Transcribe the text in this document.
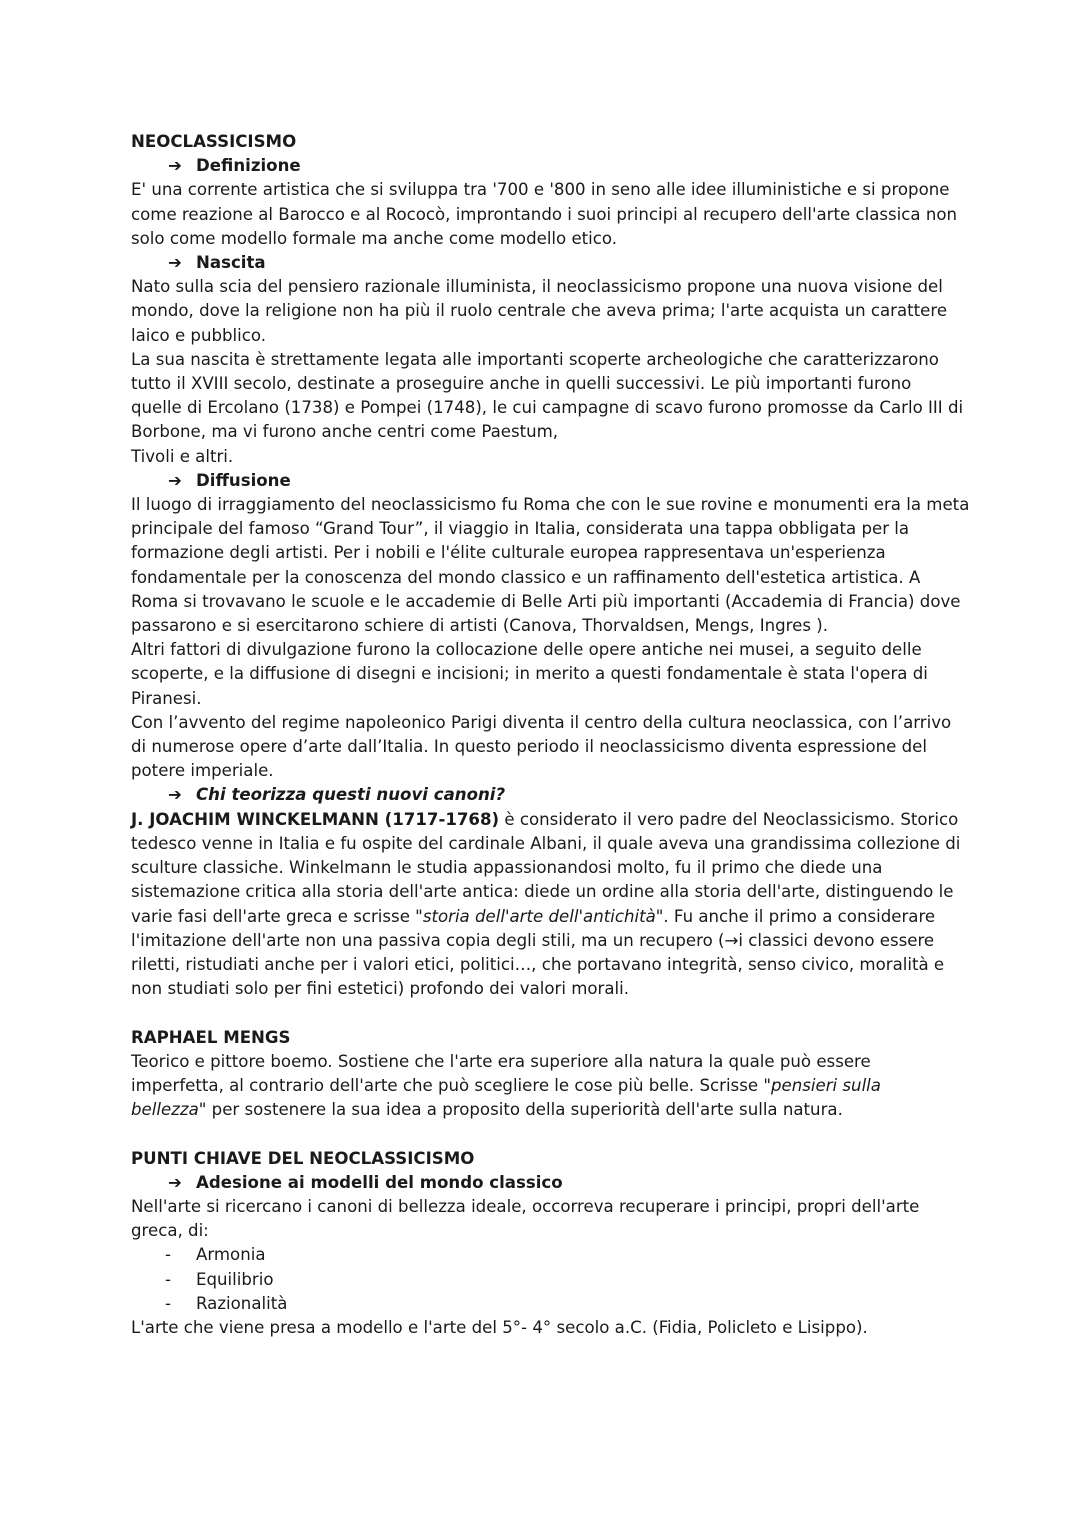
NEOCLASSICISMO

➔ Definizione

E' una corrente artistica che si sviluppa tra '700 e '800 in seno alle idee illuministiche e si propone

come reazione al Barocco e al Rococò, improntando i suoi principi al recupero dell'arte classica non

solo come modello formale ma anche come modello etico.

➔ Nascita

Nato sulla scia del pensiero razionale illuminista, il neoclassicismo propone una nuova visione del

mondo, dove la religione non ha più il ruolo centrale che aveva prima; l'arte acquista un carattere

laico e pubblico.

La sua nascita è strettamente legata alle importanti scoperte archeologiche che caratterizzarono

tutto il XVIII secolo, destinate a proseguire anche in quelli successivi. Le più importanti furono

quelle di Ercolano (1738) e Pompei (1748), le cui campagne di scavo furono promosse da Carlo III di

Borbone, ma vi furono anche centri come Paestum,

Tivoli e altri.

➔ Diffusione

Il luogo di irraggiamento del neoclassicismo fu Roma che con le sue rovine e monumenti era la meta

principale del famoso “Grand Tour”, il viaggio in Italia, considerata una tappa obbligata per la

formazione degli artisti. Per i nobili e l'élite culturale europea rappresentava un'esperienza

fondamentale per la conoscenza del mondo classico e un raffinamento dell'estetica artistica. A

Roma si trovavano le scuole e le accademie di Belle Arti più importanti (Accademia di Francia) dove

passarono e si esercitarono schiere di artisti (Canova, Thorvaldsen, Mengs, Ingres ).

Altri fattori di divulgazione furono la collocazione delle opere antiche nei musei, a seguito delle

scoperte, e la diffusione di disegni e incisioni; in merito a questi fondamentale è stata l'opera di

Piranesi.

Con l’avvento del regime napoleonico Parigi diventa il centro della cultura neoclassica, con l’arrivo

di numerose opere d’arte dall’Italia. In questo periodo il neoclassicismo diventa espressione del

potere imperiale.

➔ Chi teorizza questi nuovi canoni?

J. JOACHIM WINCKELMANN (1717-1768) è considerato il vero padre del Neoclassicismo. Storico

tedesco venne in Italia e fu ospite del cardinale Albani, il quale aveva una grandissima collezione di

sculture classiche. Winkelmann le studia appassionandosi molto, fu il primo che diede una

sistemazione critica alla storia dell'arte antica: diede un ordine alla storia dell'arte, distinguendo le

varie fasi dell'arte greca e scrisse "storia dell'arte dell'antichità". Fu anche il primo a considerare

l'imitazione dell'arte non una passiva copia degli stili, ma un recupero (→i classici devono essere

riletti, ristudiati anche per i valori etici, politici…, che portavano integrità, senso civico, moralità e

non studiati solo per fini estetici) profondo dei valori morali.

RAPHAEL MENGS

Teorico e pittore boemo. Sostiene che l'arte era superiore alla natura la quale può essere

imperfetta, al contrario dell'arte che può scegliere le cose più belle. Scrisse "pensieri sulla

bellezza" per sostenere la sua idea a proposito della superiorità dell'arte sulla natura.

PUNTI CHIAVE DEL NEOCLASSICISMO

➔ Adesione ai modelli del mondo classico

Nell'arte si ricercano i canoni di bellezza ideale, occorreva recuperare i principi, propri dell'arte

greca, di:

- Armonia

- Equilibrio

- Razionalità

L'arte che viene presa a modello e l'arte del 5°- 4° secolo a.C. (Fidia, Policleto e Lisippo).
